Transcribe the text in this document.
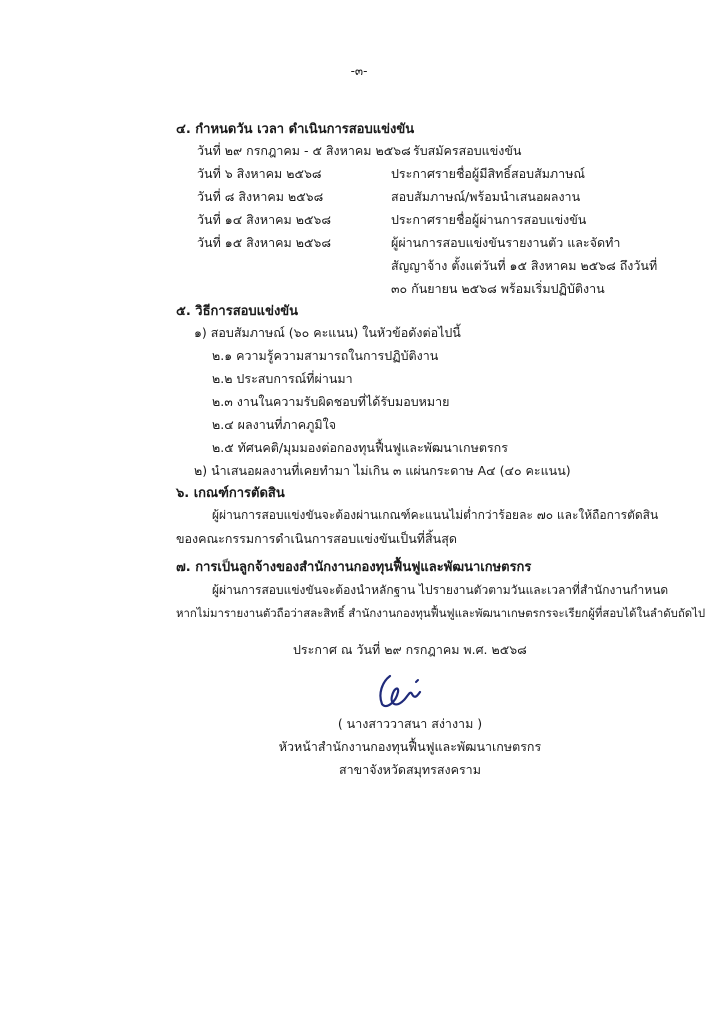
-๓-
๔. กำหนดวัน เวลา ดำเนินการสอบแข่งขัน
วันที่ ๒๙ กรกฎาคม - ๕ สิงหาคม ๒๕๖๘ รับสมัครสอบแข่งขัน
วันที่ ๖ สิงหาคม ๒๕๖๘	ประกาศรายชื่อผู้มีสิทธิ์สอบสัมภาษณ์
วันที่ ๘ สิงหาคม ๒๕๖๘	สอบสัมภาษณ์/พร้อมนำเสนอผลงาน
วันที่ ๑๔ สิงหาคม ๒๕๖๘	ประกาศรายชื่อผู้ผ่านการสอบแข่งขัน
วันที่ ๑๕ สิงหาคม ๒๕๖๘	ผู้ผ่านการสอบแข่งขันรายงานตัว และจัดทำ
สัญญาจ้าง ตั้งแต่วันที่ ๑๕ สิงหาคม ๒๕๖๘ ถึงวันที่
๓๐ กันยายน ๒๕๖๘ พร้อมเริ่มปฏิบัติงาน
๕. วิธีการสอบแข่งขัน
๑) สอบสัมภาษณ์ (๖๐ คะแนน) ในหัวข้อดังต่อไปนี้
๒.๑ ความรู้ความสามารถในการปฏิบัติงาน
๒.๒ ประสบการณ์ที่ผ่านมา
๒.๓ งานในความรับผิดชอบที่ได้รับมอบหมาย
๒.๔ ผลงานที่ภาคภูมิใจ
๒.๕ ทัศนคติ/มุมมองต่อกองทุนฟื้นฟูและพัฒนาเกษตรกร
๒) นำเสนอผลงานที่เคยทำมา ไม่เกิน ๓ แผ่นกระดาษ A๔ (๔๐ คะแนน)
๖. เกณฑ์การตัดสิน
ผู้ผ่านการสอบแข่งขันจะต้องผ่านเกณฑ์คะแนนไม่ต่ำกว่าร้อยละ ๗๐ และให้ถือการตัดสิน
ของคณะกรรมการดำเนินการสอบแข่งขันเป็นที่สิ้นสุด
๗. การเป็นลูกจ้างของสำนักงานกองทุนฟื้นฟูและพัฒนาเกษตรกร
ผู้ผ่านการสอบแข่งขันจะต้องนำหลักฐาน ไปรายงานตัวตามวันและเวลาที่สำนักงานกำหนด
หากไม่มารายงานตัวถือว่าสละสิทธิ์ สำนักงานกองทุนฟื้นฟูและพัฒนาเกษตรกรจะเรียกผู้ที่สอบได้ในลำดับถัดไป
ประกาศ ณ วันที่ ๒๙ กรกฎาคม พ.ศ. ๒๕๖๘
( นางสาววาสนา สง่างาม )
หัวหน้าสำนักงานกองทุนฟื้นฟูและพัฒนาเกษตรกร
สาขาจังหวัดสมุทรสงคราม
